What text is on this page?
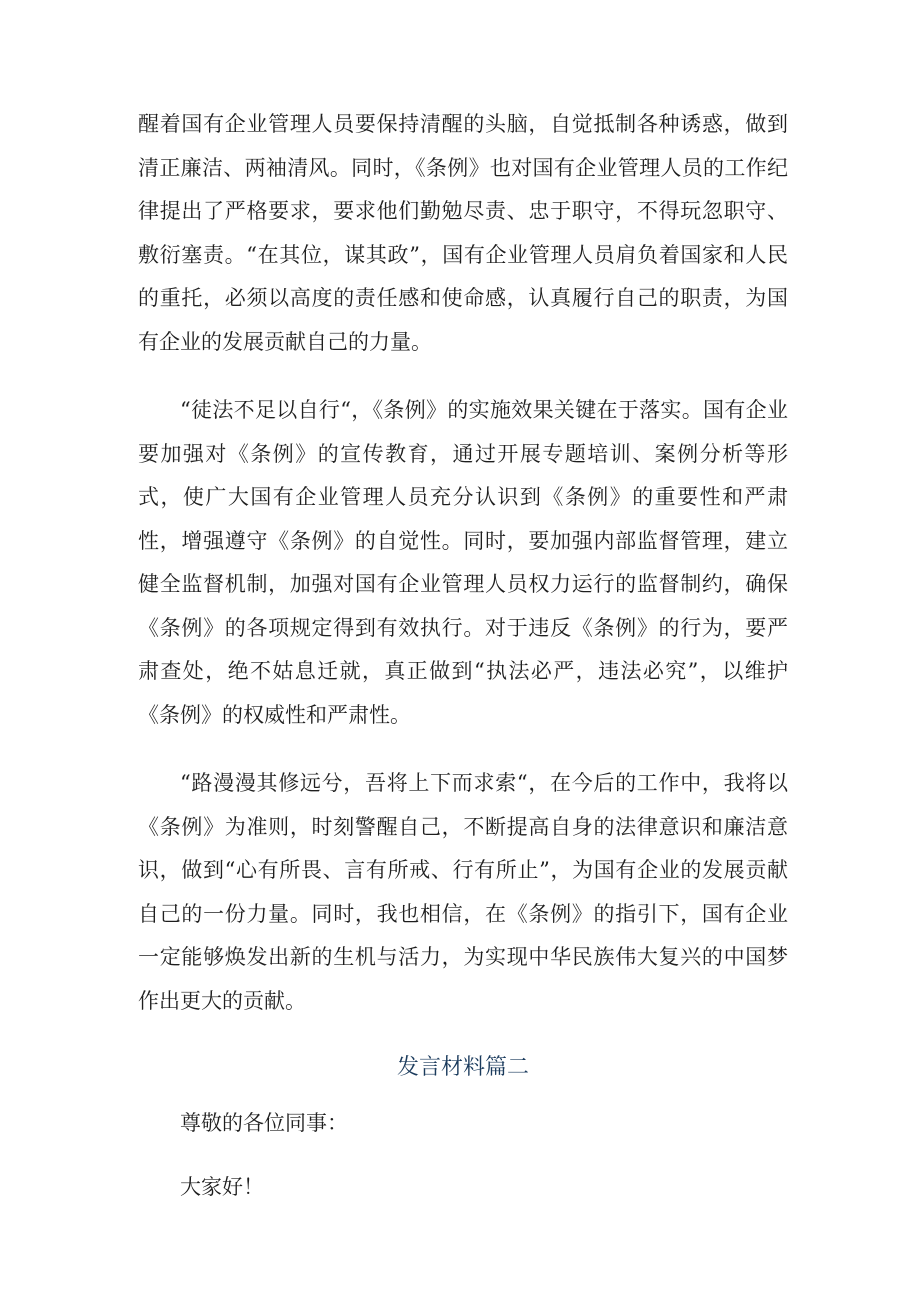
醒着国有企业管理人员要保持清醒的头脑，自觉抵制各种诱惑，做到清正廉洁、两袖清风。同时，《条例》也对国有企业管理人员的工作纪律提出了严格要求，要求他们勤勉尽责、忠于职守，不得玩忽职守、敷衍塞责。“在其位，谋其政”，国有企业管理人员肩负着国家和人民的重托，必须以高度的责任感和使命感，认真履行自己的职责，为国有企业的发展贡献自己的力量。

“徒法不足以自行“，《条例》的实施效果关键在于落实。国有企业要加强对《条例》的宣传教育，通过开展专题培训、案例分析等形式，使广大国有企业管理人员充分认识到《条例》的重要性和严肃性，增强遵守《条例》的自觉性。同时，要加强内部监督管理，建立健全监督机制，加强对国有企业管理人员权力运行的监督制约，确保《条例》的各项规定得到有效执行。对于违反《条例》的行为，要严肃查处，绝不姑息迁就，真正做到“执法必严，违法必究”，以维护《条例》的权威性和严肃性。

“路漫漫其修远兮，吾将上下而求索“，在今后的工作中，我将以《条例》为准则，时刻警醒自己，不断提高自身的法律意识和廉洁意识，做到“心有所畏、言有所戒、行有所止”，为国有企业的发展贡献自己的一份力量。同时，我也相信，在《条例》的指引下，国有企业一定能够焕发出新的生机与活力，为实现中华民族伟大复兴的中国梦作出更大的贡献。

发言材料篇二

尊敬的各位同事：

大家好！
